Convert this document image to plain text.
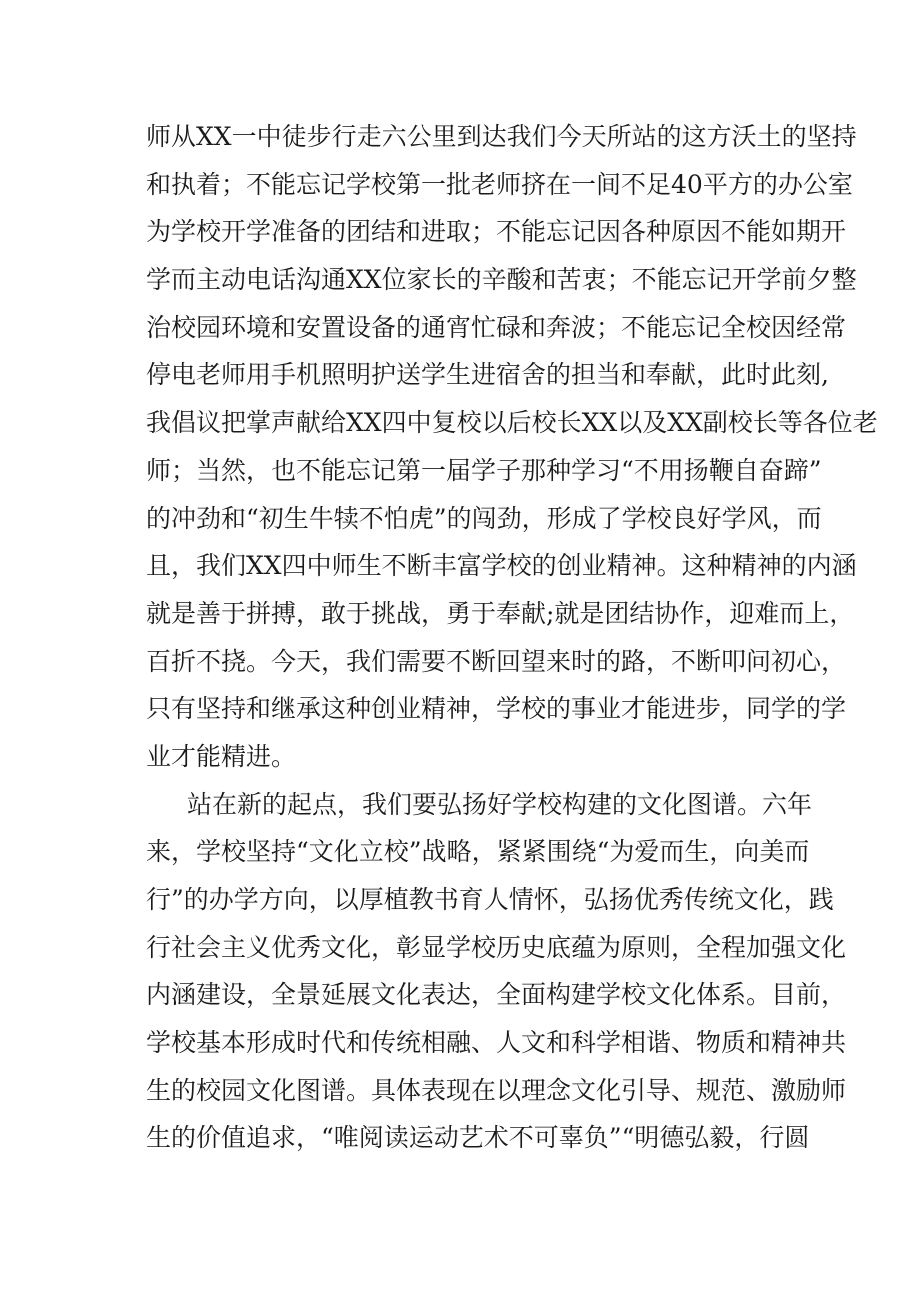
师从XX一中徒步行走六公里到达我们今天所站的这方沃土的坚持
和执着；不能忘记学校第一批老师挤在一间不足40平方的办公室
为学校开学准备的团结和进取；不能忘记因各种原因不能如期开
学而主动电话沟通XX位家长的辛酸和苦衷；不能忘记开学前夕整
治校园环境和安置设备的通宵忙碌和奔波；不能忘记全校因经常
停电老师用手机照明护送学生进宿舍的担当和奉献，此时此刻,
我倡议把掌声献给XX四中复校以后校长XX以及XX副校长等各位老
师；当然，也不能忘记第一届学子那种学习“不用扬鞭自奋蹄”
的冲劲和“初生牛犊不怕虎”的闯劲，形成了学校良好学风，而
且，我们XX四中师生不断丰富学校的创业精神。这种精神的内涵
就是善于拼搏，敢于挑战，勇于奉献;就是团结协作，迎难而上，
百折不挠。今天，我们需要不断回望来时的路，不断叩问初心，
只有坚持和继承这种创业精神，学校的事业才能进步，同学的学
业才能精进。
站在新的起点，我们要弘扬好学校构建的文化图谱。六年
来，学校坚持“文化立校”战略，紧紧围绕“为爱而生，向美而
行”的办学方向，以厚植教书育人情怀，弘扬优秀传统文化，践
行社会主义优秀文化，彰显学校历史底蕴为原则，全程加强文化
内涵建设，全景延展文化表达，全面构建学校文化体系。目前，
学校基本形成时代和传统相融、人文和科学相谐、物质和精神共
生的校园文化图谱。具体表现在以理念文化引导、规范、激励师
生的价值追求，“唯阅读运动艺术不可辜负”“明德弘毅，行圆
